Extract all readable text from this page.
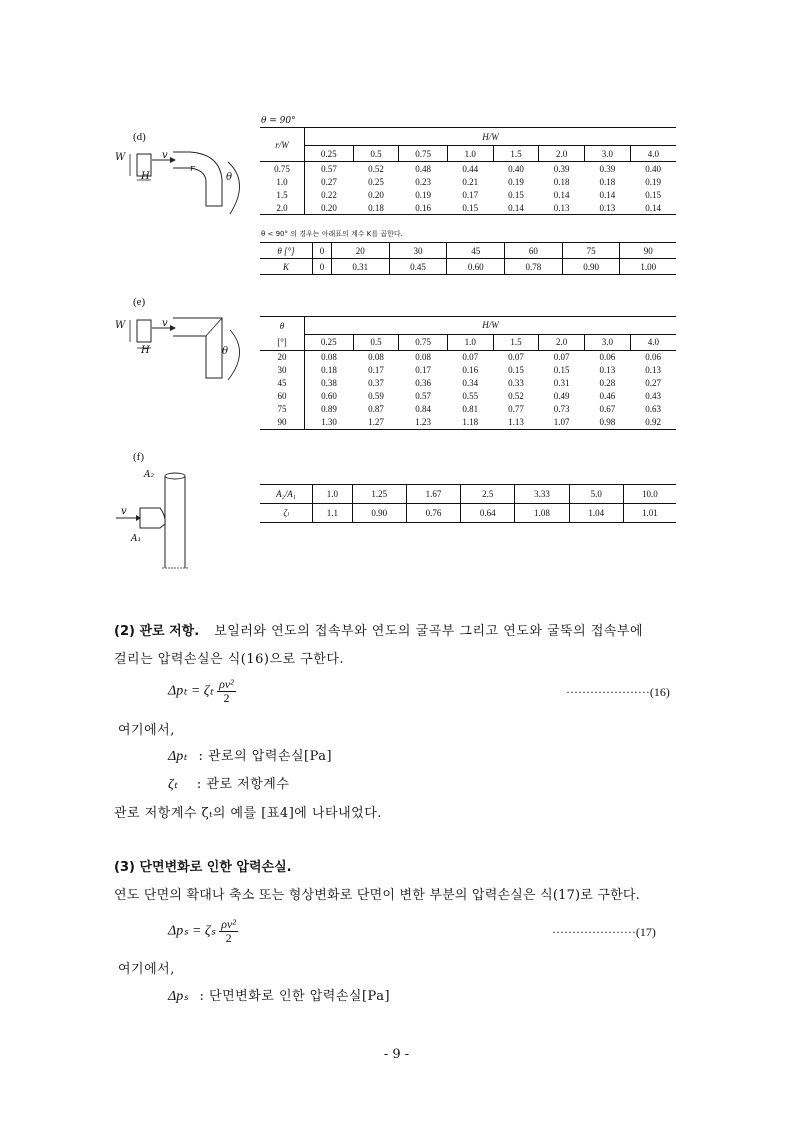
(d)
W
H
v
r
θ
θ = 90°
r/W	H/W							
	0.25	0.5	0.75	1.0	1.5	2.0	3.0	4.0
0.75	0.57	0.52	0.48	0.44	0.40	0.39	0.39	0.40
1.0	0.27	0.25	0.23	0.21	0.19	0.18	0.18	0.19
1.5	0.22	0.20	0.19	0.17	0.15	0.14	0.14	0.15
2.0	0.20	0.18	0.16	0.15	0.14	0.13	0.13	0.14
θ < 90° 의 경우는 아래표의 계수 K를 곱한다.
θ [°]	0	20	30	45	60	75	90
K	0	0.31	0.45	0.60	0.78	0.90	1.00
(e)
W
H
v
θ
θ	H/W							
[°]	0.25	0.5	0.75	1.0	1.5	2.0	3.0	4.0
20	0.08	0.08	0.08	0.07	0.07	0.07	0.06	0.06
30	0.18	0.17	0.17	0.16	0.15	0.15	0.13	0.13
45	0.38	0.37	0.36	0.34	0.33	0.31	0.28	0.27
60	0.60	0.59	0.57	0.55	0.52	0.49	0.46	0.43
75	0.89	0.87	0.84	0.81	0.77	0.73	0.67	0.63
90	1.30	1.27	1.23	1.18	1.13	1.07	0.98	0.92
(f)
A₂
v
A₁
A₂/A₁	1.0	1.25	1.67	2.5	3.33	5.0	10.0
ζₗ	1.1	0.90	0.76	0.64	1.08	1.04	1.01
(2) 관로 저항. 보일러와 연도의 접속부와 연도의 굴곡부 그리고 연도와 굴뚝의 접속부에
걸리는 압력손실은 식(16)으로 구한다.
Δpₜ = ζₜ $\frac{\text{ρv²}}{2}$	·····················(16)
여기에서,
Δpₜ : 관로의 압력손실[Pa]
ζₜ : 관로 저항계수
관로 저항계수 ζₜ의 예를 [표4]에 나타내었다.
(3) 단면변화로 인한 압력손실.
연도 단면의 확대나 축소 또는 형상변화로 단면이 변한 부분의 압력손실은 식(17)로 구한다.
Δpₛ = ζₛ $\frac{\text{ρv²}}{2}$	·····················(17)
여기에서,
Δpₛ : 단면변화로 인한 압력손실[Pa]
- 9 -
